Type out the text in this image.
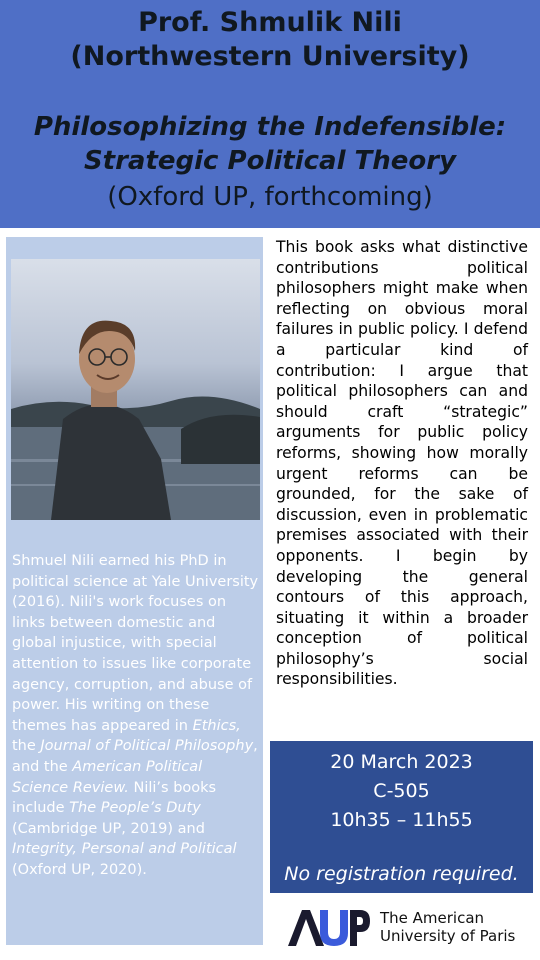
Prof. Shmulik Nili
(Northwestern University)
Philosophizing the Indefensible:
Strategic Political Theory
(Oxford UP, forthcoming)
Shmuel Nili earned his PhD in political science at Yale University (2016). Nili's work focuses on links between domestic and global injustice, with special attention to issues like corporate agency, corruption, and abuse of power. His writing on these themes has appeared in Ethics, the Journal of Political Philosophy, and the American Political Science Review. Nili’s books include The People’s Duty (Cambridge UP, 2019) and Integrity, Personal and Political (Oxford UP, 2020).
This book asks what distinctive contributions political philosophers might make when reflecting on obvious moral failures in public policy. I defend a particular kind of contribution: I argue that political philosophers can and should craft “strategic” arguments for public policy reforms, showing how morally urgent reforms can be grounded, for the sake of discussion, even in problematic premises associated with their opponents. I begin by developing the general contours of this approach, situating it within a broader conception of political philosophy’s social responsibilities.
20 March 2023
C-505
10h35 – 11h55
No registration required.
The American
University of Paris
